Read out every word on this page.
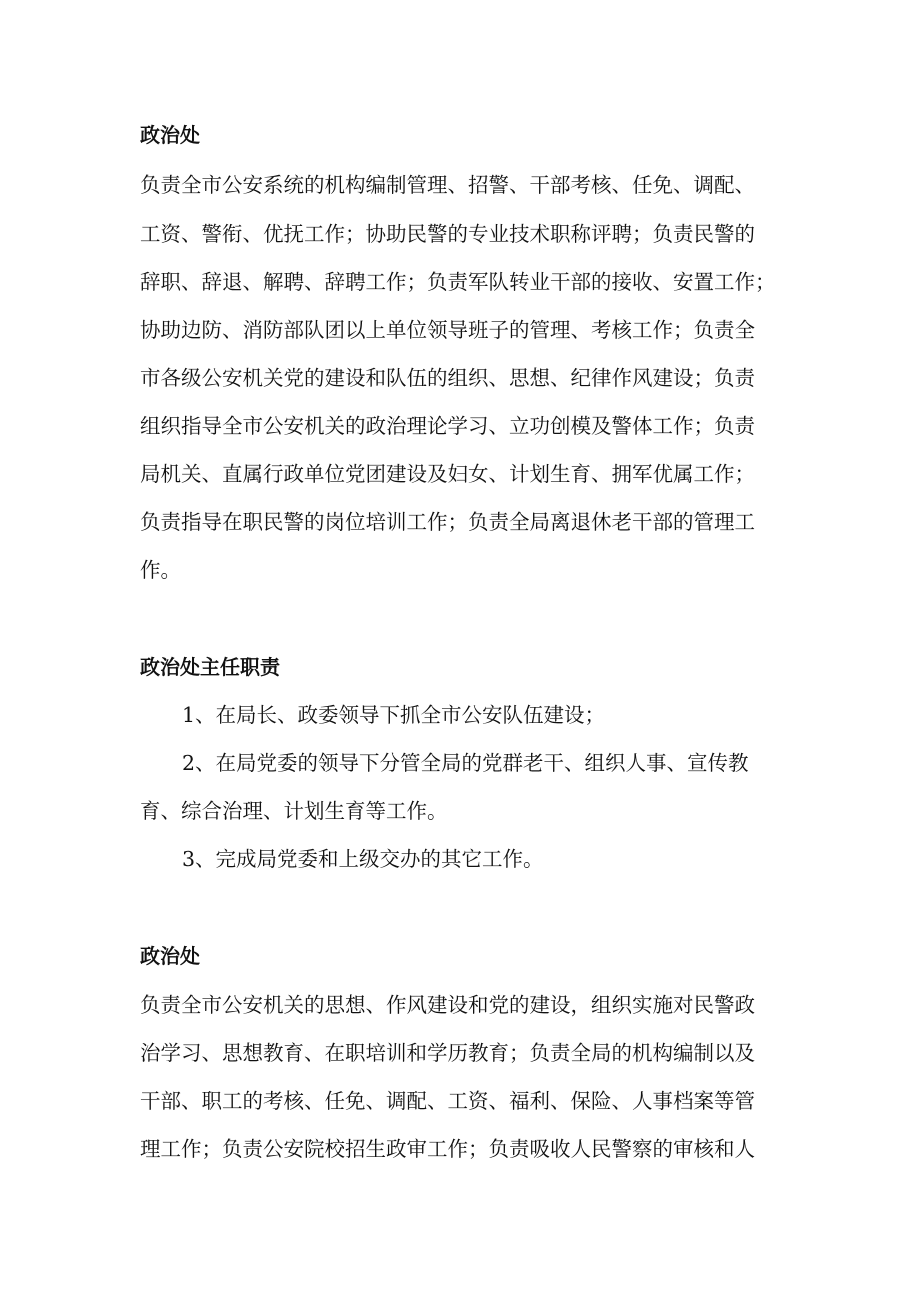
政治处
负责全市公安系统的机构编制管理、招警、干部考核、任免、调配、
工资、警衔、优抚工作；协助民警的专业技术职称评聘；负责民警的
辞职、辞退、解聘、辞聘工作；负责军队转业干部的接收、安置工作；
协助边防、消防部队团以上单位领导班子的管理、考核工作；负责全
市各级公安机关党的建设和队伍的组织、思想、纪律作风建设；负责
组织指导全市公安机关的政治理论学习、立功创模及警体工作；负责
局机关、直属行政单位党团建设及妇女、计划生育、拥军优属工作；
负责指导在职民警的岗位培训工作；负责全局离退休老干部的管理工
作。
政治处主任职责
1、在局长、政委领导下抓全市公安队伍建设；
2、在局党委的领导下分管全局的党群老干、组织人事、宣传教
育、综合治理、计划生育等工作。
3、完成局党委和上级交办的其它工作。
政治处
负责全市公安机关的思想、作风建设和党的建设，组织实施对民警政
治学习、思想教育、在职培训和学历教育；负责全局的机构编制以及
干部、职工的考核、任免、调配、工资、福利、保险、人事档案等管
理工作；负责公安院校招生政审工作；负责吸收人民警察的审核和人
